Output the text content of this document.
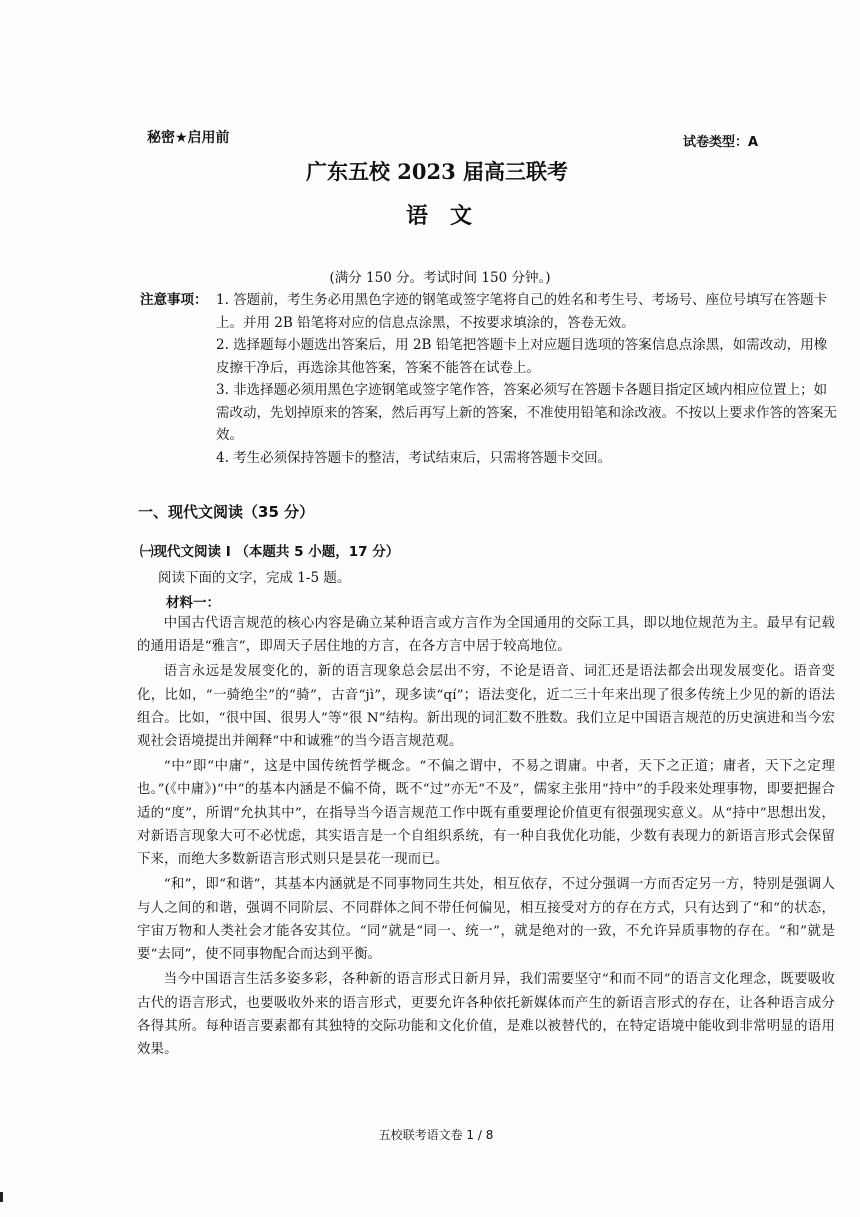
秘密★启用前	试卷类型：A
广东五校 2023 届高三联考
语文
(满分 150 分。考试时间 150 分钟。)
注意事项： 1. 答题前，考生务必用黑色字迹的钢笔或签字笔将自己的姓名和考生号、考场号、座位号填写在答题卡上。并用 2B 铅笔将对应的信息点涂黑，不按要求填涂的，答卷无效。
2. 选择题每小题选出答案后，用 2B 铅笔把答题卡上对应题目选项的答案信息点涂黑，如需改动，用橡皮擦干净后，再选涂其他答案，答案不能答在试卷上。
3. 非选择题必须用黑色字迹钢笔或签字笔作答，答案必须写在答题卡各题目指定区域内相应位置上；如需改动，先划掉原来的答案，然后再写上新的答案，不准使用铅笔和涂改液。不按以上要求作答的答案无效。
4. 考生必须保持答题卡的整洁，考试结束后，只需将答题卡交回。
一、现代文阅读（35 分）
㈠现代文阅读 I （本题共 5 小题，17 分）
阅读下面的文字，完成 1-5 题。
材料一：

中国古代语言规范的核心内容是确立某种语言或方言作为全国通用的交际工具，即以地位规范为主。最早有记载的通用语是“雅言”，即周天子居住地的方言，在各方言中居于较高地位。

语言永远是发展变化的，新的语言现象总会层出不穷，不论是语音、词汇还是语法都会出现发展变化。语音变化，比如，“一骑绝尘”的“骑”，古音“jì”，现多读“qí”；语法变化，近二三十年来出现了很多传统上少见的新的语法组合。比如，“很中国、很男人”等“很 N”结构。新出现的词汇数不胜数。我们立足中国语言规范的历史演进和当今宏观社会语境提出并阐释“中和诚雅”的当今语言规范观。

“中”即“中庸”，这是中国传统哲学概念。“不偏之谓中，不易之谓庸。中者，天下之正道；庸者，天下之定理也。”(《中庸》)“中”的基本内涵是不偏不倚，既不“过”亦无“不及”，儒家主张用“持中”的手段来处理事物，即要把握合适的“度”，所谓“允执其中”，在指导当今语言规范工作中既有重要理论价值更有很强现实意义。从“持中”思想出发，对新语言现象大可不必忧虑，其实语言是一个自组织系统，有一种自我优化功能，少数有表现力的新语言形式会保留下来，而绝大多数新语言形式则只是昙花一现而已。

“和”，即“和谐”，其基本内涵就是不同事物同生共处，相互依存，不过分强调一方而否定另一方，特别是强调人与人之间的和谐，强调不同阶层、不同群体之间不带任何偏见，相互接受对方的存在方式，只有达到了“和”的状态，宇宙万物和人类社会才能各安其位。“同”就是“同一、统一”，就是绝对的一致，不允许异质事物的存在。“和”就是要“去同”，使不同事物配合而达到平衡。

当今中国语言生活多姿多彩，各种新的语言形式日新月异，我们需要坚守“和而不同”的语言文化理念，既要吸收古代的语言形式，也要吸收外来的语言形式，更要允许各种依托新媒体而产生的新语言形式的存在，让各种语言成分各得其所。每种语言要素都有其独特的交际功能和文化价值，是难以被替代的，在特定语境中能收到非常明显的语用效果。

五校联考语文卷 1 / 8
